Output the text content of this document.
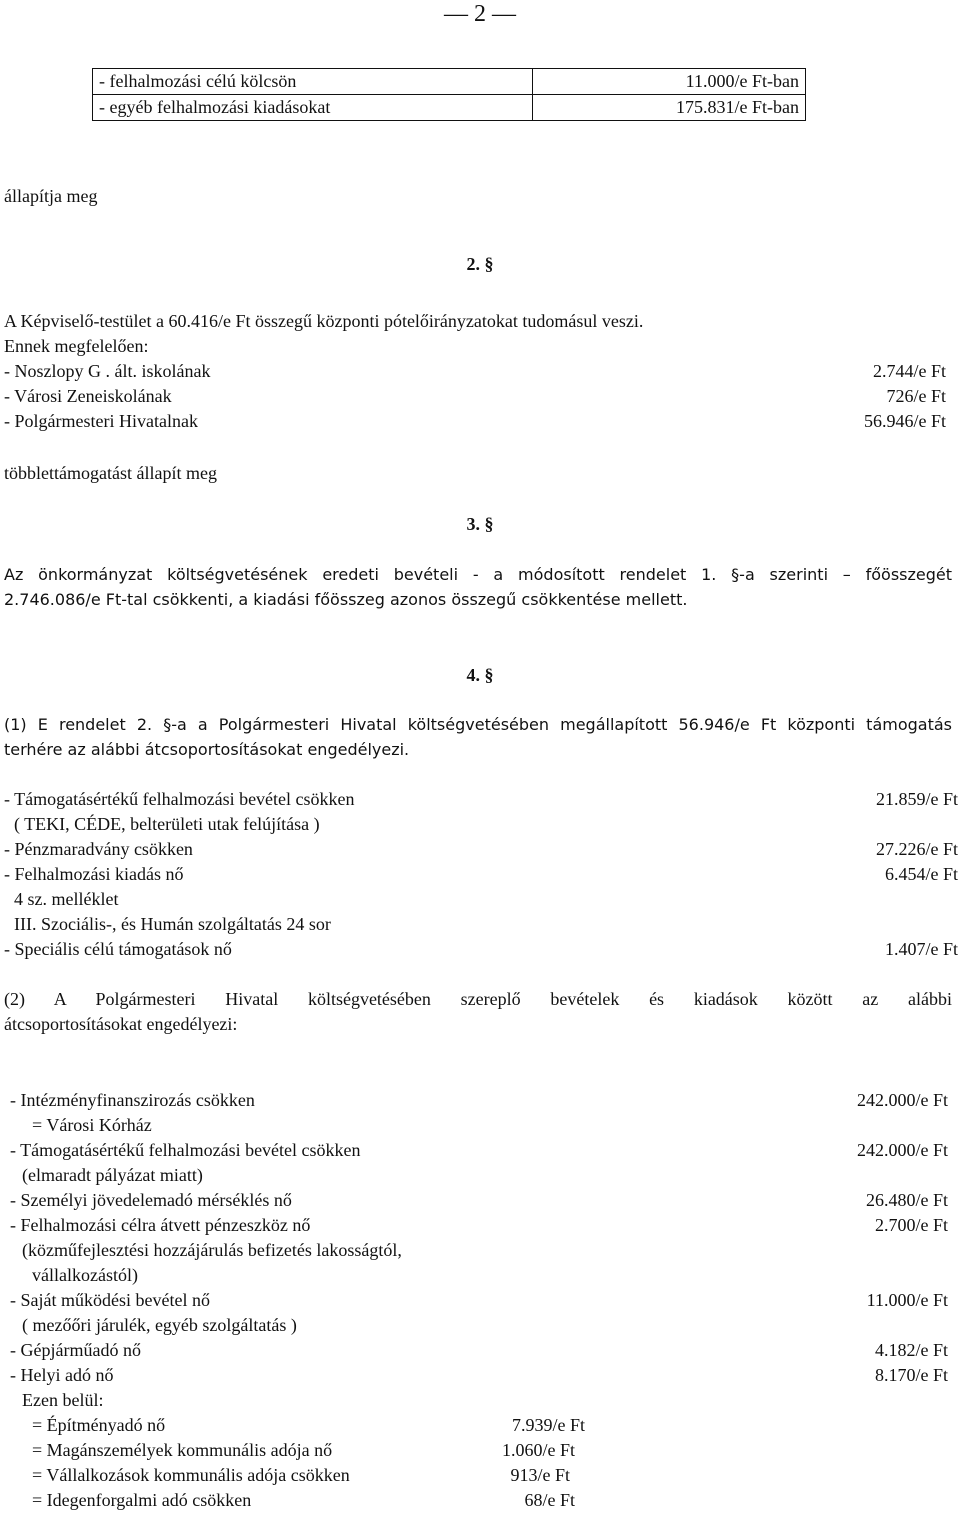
— 2 —
- felhalmozási célú kölcsön	11.000/e Ft-ban
- egyéb felhalmozási kiadásokat	175.831/e Ft-ban
állapítja meg
2. §
A Képviselő-testület a 60.416/e Ft összegű központi pótelőirányzatokat tudomásul veszi.
Ennek megfelelően:
- Noszlopy G . ált. iskolának	2.744/e Ft
- Városi Zeneiskolának	726/e Ft
- Polgármesteri Hivatalnak	56.946/e Ft
többlettámogatást állapít meg
3. §
Az önkormányzat költségvetésének eredeti bevételi - a módosított rendelet 1. §-a szerinti – főösszegét
2.746.086/e Ft-tal csökkenti, a kiadási főösszeg azonos összegű csökkentése mellett.
4. §
(1) E rendelet 2. §-a a Polgármesteri Hivatal költségvetésében megállapított 56.946/e Ft központi támogatás
terhére az alábbi átcsoportosításokat engedélyezi.
- Támogatásértékű felhalmozási bevétel csökken	21.859/e Ft
( TEKI, CÉDE, belterületi utak felújítása )
- Pénzmaradvány csökken	27.226/e Ft
- Felhalmozási kiadás nő	6.454/e Ft
4 sz. melléklet
III. Szociális-, és Humán szolgáltatás 24 sor
- Speciális célú támogatások nő	1.407/e Ft
(2) A Polgármesteri Hivatal költségvetésében szereplő bevételek és kiadások között az alábbi
átcsoportosításokat engedélyezi:
- Intézményfinanszirozás csökken	242.000/e Ft
= Városi Kórház
- Támogatásértékű felhalmozási bevétel csökken	242.000/e Ft
(elmaradt pályázat miatt)
- Személyi jövedelemadó mérséklés nő	26.480/e Ft
- Felhalmozási célra átvett pénzeszköz nő	2.700/e Ft
(közműfejlesztési hozzájárulás befizetés lakosságtól,
vállalkozástól)
- Saját működési bevétel nő	11.000/e Ft
( mezőőri járulék, egyéb szolgáltatás )
- Gépjárműadó nő	4.182/e Ft
- Helyi adó nő	8.170/e Ft
Ezen belül:
= Építményadó nő	7.939/e Ft
= Magánszemélyek kommunális adója nő	1.060/e Ft
= Vállalkozások kommunális adója csökken	913/e Ft
= Idegenforgalmi adó csökken	68/e Ft
